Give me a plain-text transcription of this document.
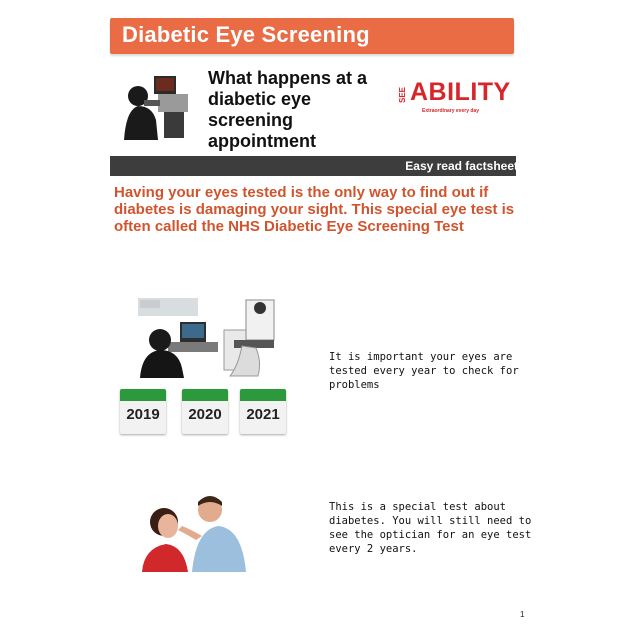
Diabetic Eye Screening
What happens at a
diabetic eye
screening
appointment
SEE ABILITY
Extraordinary every day
Easy read factsheet
Having your eyes tested is the only way to find out if diabetes is damaging your sight. This special eye test is often called the NHS Diabetic Eye Screening Test
2019	2020	2021
It is important your eyes are tested every year to check for problems
This is a special test about diabetes. You will still need to see the optician for an eye test every 2 years.
1
